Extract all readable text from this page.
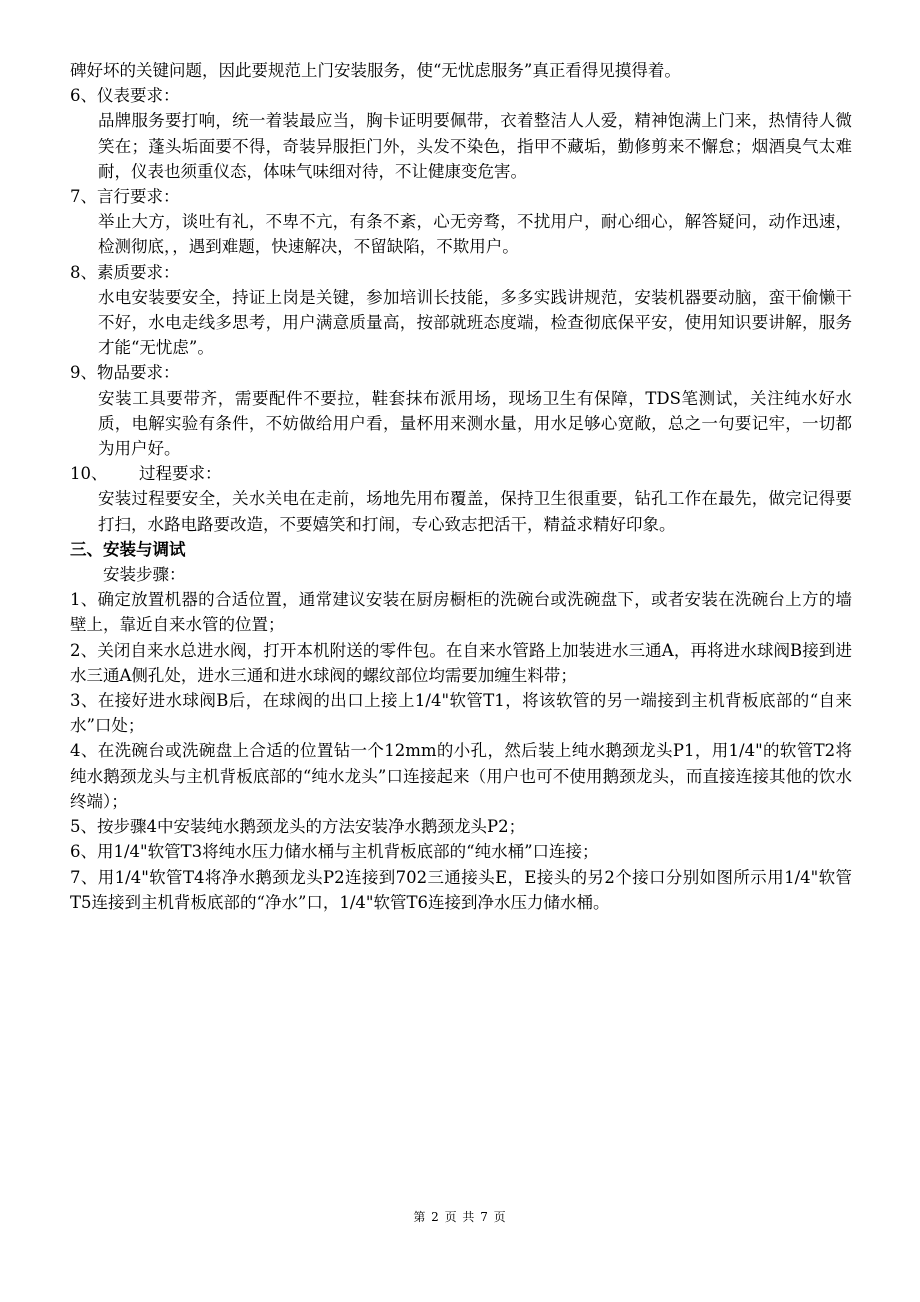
碑好坏的关键问题，因此要规范上门安装服务，使“无忧虑服务”真正看得见摸得着。
6、仪表要求：
品牌服务要打响，统一着装最应当，胸卡证明要佩带，衣着整洁人人爱，精神饱满上门来，热情待人微笑在；蓬头垢面要不得，奇装异服拒门外，头发不染色，指甲不藏垢，勤修剪来不懈怠；烟酒臭气太难耐，仪表也须重仪态，体味气味细对待，不让健康变危害。
7、言行要求：
举止大方，谈吐有礼，不卑不亢，有条不紊，心无旁骛，不扰用户，耐心细心，解答疑问，动作迅速，检测彻底，，遇到难题，快速解决，不留缺陷，不欺用户。
8、素质要求：
水电安装要安全，持证上岗是关键，参加培训长技能，多多实践讲规范，安装机器要动脑，蛮干偷懒干不好，水电走线多思考，用户满意质量高，按部就班态度端，检查彻底保平安，使用知识要讲解，服务才能“无忧虑”。
9、物品要求：
安装工具要带齐，需要配件不要拉，鞋套抹布派用场，现场卫生有保障，TDS笔测试，关注纯水好水质，电解实验有条件，不妨做给用户看，量杯用来测水量，用水足够心宽敞，总之一句要记牢，一切都为用户好。
10、      过程要求：
安装过程要安全，关水关电在走前，场地先用布覆盖，保持卫生很重要，钻孔工作在最先，做完记得要打扫，水路电路要改造，不要嬉笑和打闹，专心致志把活干，精益求精好印象。
三、安装与调试
安装步骤：
1、确定放置机器的合适位置，通常建议安装在厨房橱柜的洗碗台或洗碗盘下，或者安装在洗碗台上方的墙壁上，靠近自来水管的位置；
2、关闭自来水总进水阀，打开本机附送的零件包。在自来水管路上加装进水三通A，再将进水球阀B接到进水三通A侧孔处，进水三通和进水球阀的螺纹部位均需要加缠生料带；
3、在接好进水球阀B后，在球阀的出口上接上1/4"软管T1，将该软管的另一端接到主机背板底部的“自来水”口处；
4、在洗碗台或洗碗盘上合适的位置钻一个12mm的小孔，然后装上纯水鹅颈龙头P1，用1/4"的软管T2将纯水鹅颈龙头与主机背板底部的“纯水龙头”口连接起来（用户也可不使用鹅颈龙头，而直接连接其他的饮水终端）；
5、按步骤4中安装纯水鹅颈龙头的方法安装净水鹅颈龙头P2；
6、用1/4"软管T3将纯水压力储水桶与主机背板底部的“纯水桶”口连接；
7、用1/4"软管T4将净水鹅颈龙头P2连接到702三通接头E，E接头的另2个接口分别如图所示用1/4"软管T5连接到主机背板底部的“净水”口，1/4"软管T6连接到净水压力储水桶。
第 2 页 共 7 页
